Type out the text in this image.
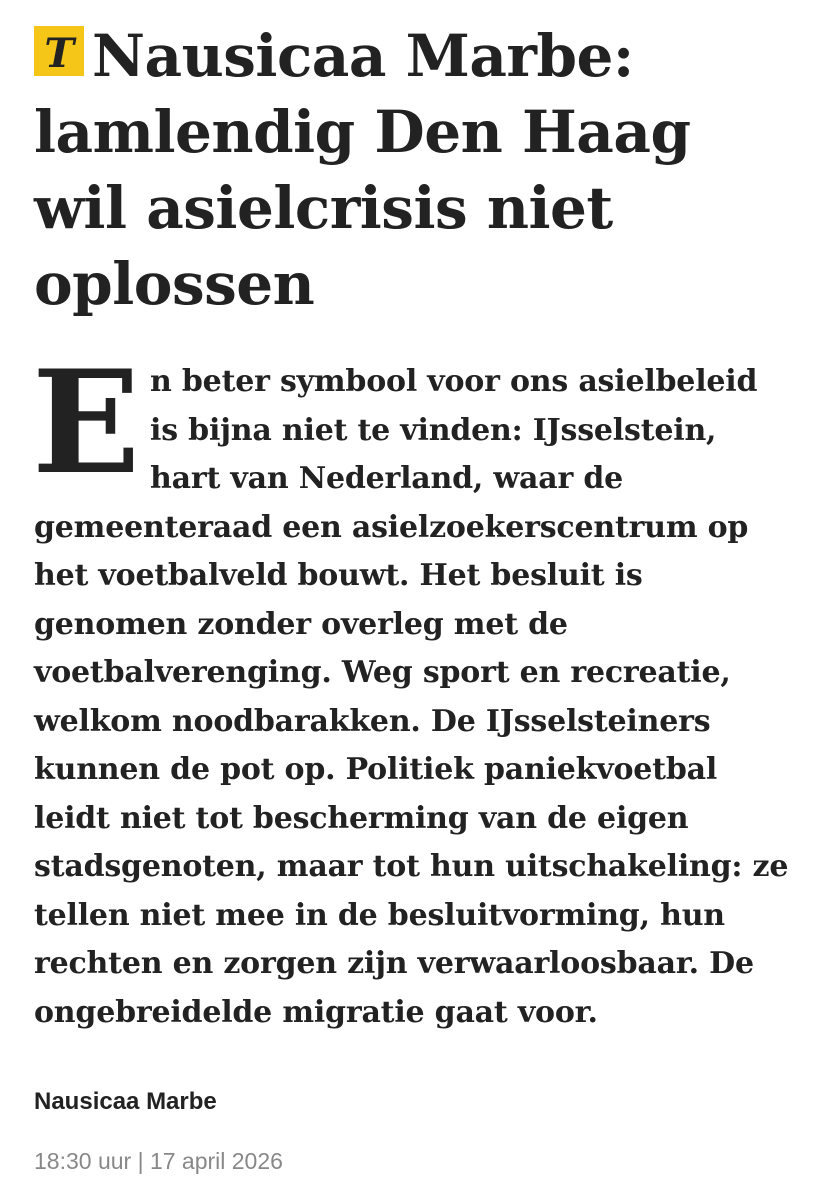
T Nausicaa Marbe: lamlendig Den Haag wil asielcrisis niet oplossen
En beter symbool voor ons asielbeleid is bijna niet te vinden: IJsselstein, hart van Nederland, waar de gemeenteraad een asielzoekerscentrum op het voetbalveld bouwt. Het besluit is genomen zonder overleg met de voetbalverenging. Weg sport en recreatie, welkom noodbarakken. De IJsselsteiners kunnen de pot op. Politiek paniekvoetbal leidt niet tot bescherming van de eigen stadsgenoten, maar tot hun uitschakeling: ze tellen niet mee in de besluitvorming, hun rechten en zorgen zijn verwaarloosbaar. De ongebreidelde migratie gaat voor.
Nausicaa Marbe
18:30 uur | 17 april 2026
